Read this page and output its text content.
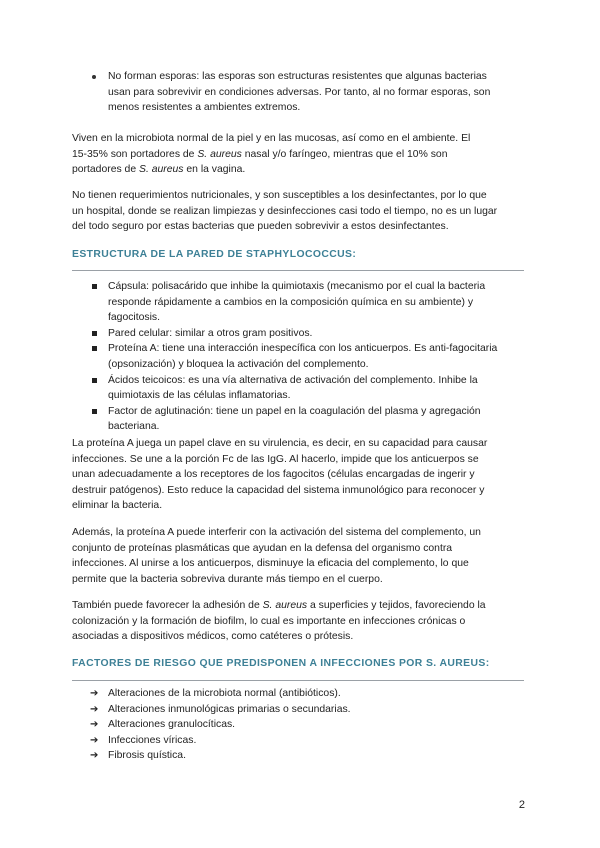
No forman esporas: las esporas son estructuras resistentes que algunas bacterias
usan para sobrevivir en condiciones adversas. Por tanto, al no formar esporas, son
menos resistentes a ambientes extremos.
Viven en la microbiota normal de la piel y en las mucosas, así como en el ambiente. El
15-35% son portadores de S. aureus nasal y/o faríngeo, mientras que el 10% son
portadores de S. aureus en la vagina.
No tienen requerimientos nutricionales, y son susceptibles a los desinfectantes, por lo que
un hospital, donde se realizan limpiezas y desinfecciones casi todo el tiempo, no es un lugar
del todo seguro por estas bacterias que pueden sobrevivir a estos desinfectantes.
ESTRUCTURA DE LA PARED DE STAPHYLOCOCCUS:
Cápsula: polisacárido que inhibe la quimiotaxis (mecanismo por el cual la bacteria
responde rápidamente a cambios en la composición química en su ambiente) y
fagocitosis.
Pared celular: similar a otros gram positivos.
Proteína A: tiene una interacción inespecífica con los anticuerpos. Es anti-fagocitaria
(opsonización) y bloquea la activación del complemento.
Ácidos teicoicos: es una vía alternativa de activación del complemento. Inhibe la
quimiotaxis de las células inflamatorias.
Factor de aglutinación: tiene un papel en la coagulación del plasma y agregación
bacteriana.
La proteína A juega un papel clave en su virulencia, es decir, en su capacidad para causar
infecciones. Se une a la porción Fc de las IgG. Al hacerlo, impide que los anticuerpos se
unan adecuadamente a los receptores de los fagocitos (células encargadas de ingerir y
destruir patógenos). Esto reduce la capacidad del sistema inmunológico para reconocer y
eliminar la bacteria.
Además, la proteína A puede interferir con la activación del sistema del complemento, un
conjunto de proteínas plasmáticas que ayudan en la defensa del organismo contra
infecciones. Al unirse a los anticuerpos, disminuye la eficacia del complemento, lo que
permite que la bacteria sobreviva durante más tiempo en el cuerpo.
También puede favorecer la adhesión de S. aureus a superficies y tejidos, favoreciendo la
colonización y la formación de biofilm, lo cual es importante en infecciones crónicas o
asociadas a dispositivos médicos, como catéteres o prótesis.
FACTORES DE RIESGO QUE PREDISPONEN A INFECCIONES POR S. AUREUS:
➔ Alteraciones de la microbiota normal (antibióticos).
➔ Alteraciones inmunológicas primarias o secundarias.
➔ Alteraciones granulocíticas.
➔ Infecciones víricas.
➔ Fibrosis quística.
2
